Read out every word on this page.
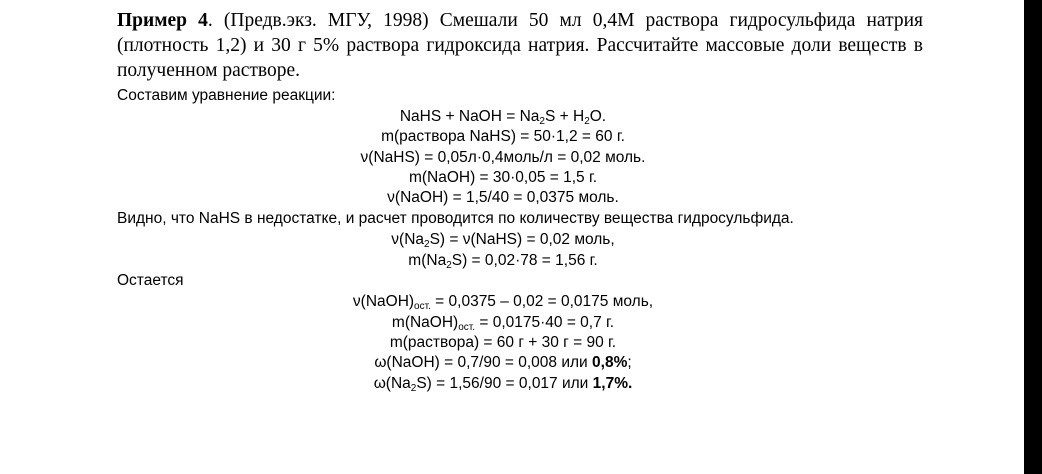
Пример 4. (Предв.экз. МГУ, 1998) Смешали 50 мл 0,4М раствора гидросульфида натрия (плотность 1,2) и 30 г 5% раствора гидроксида натрия. Рассчитайте массовые доли веществ в полученном растворе.
Составим уравнение реакции:
NaHS + NaOH = $Na_2S + H_2O$.
m(раствора NaHS) = 50·1,2 = 60 г.
ν(NaHS) = 0,05л·0,4моль/л = 0,02 моль.
m(NaOH) = 30·0,05 = 1,5 г.
ν(NaOH) = 1,5/40 = 0,0375 моль.
Видно, что NaHS в недостатке, и расчет проводится по количеству вещества гидросульфида.
$\nu(Na_2S)$ = ν(NaHS) = 0,02 моль,
$m(Na_2S) = 0,02\cdot 78 = 1,56$ г.
Остается
$\nu(NaOH)_{ост.} = 0,0375 - 0,02 = 0,0175$ моль,
$m(NaOH)_{ост.} = 0,0175\cdot 40 = 0,7$ г.
m(раствора) = 60 г + 30 г = 90 г.
ω(NaOH) = 0,7/90 = 0,008 или 0,8%;
$\omega(Na_2S) = 1,56/90 = 0,017$ или 1,7%.
